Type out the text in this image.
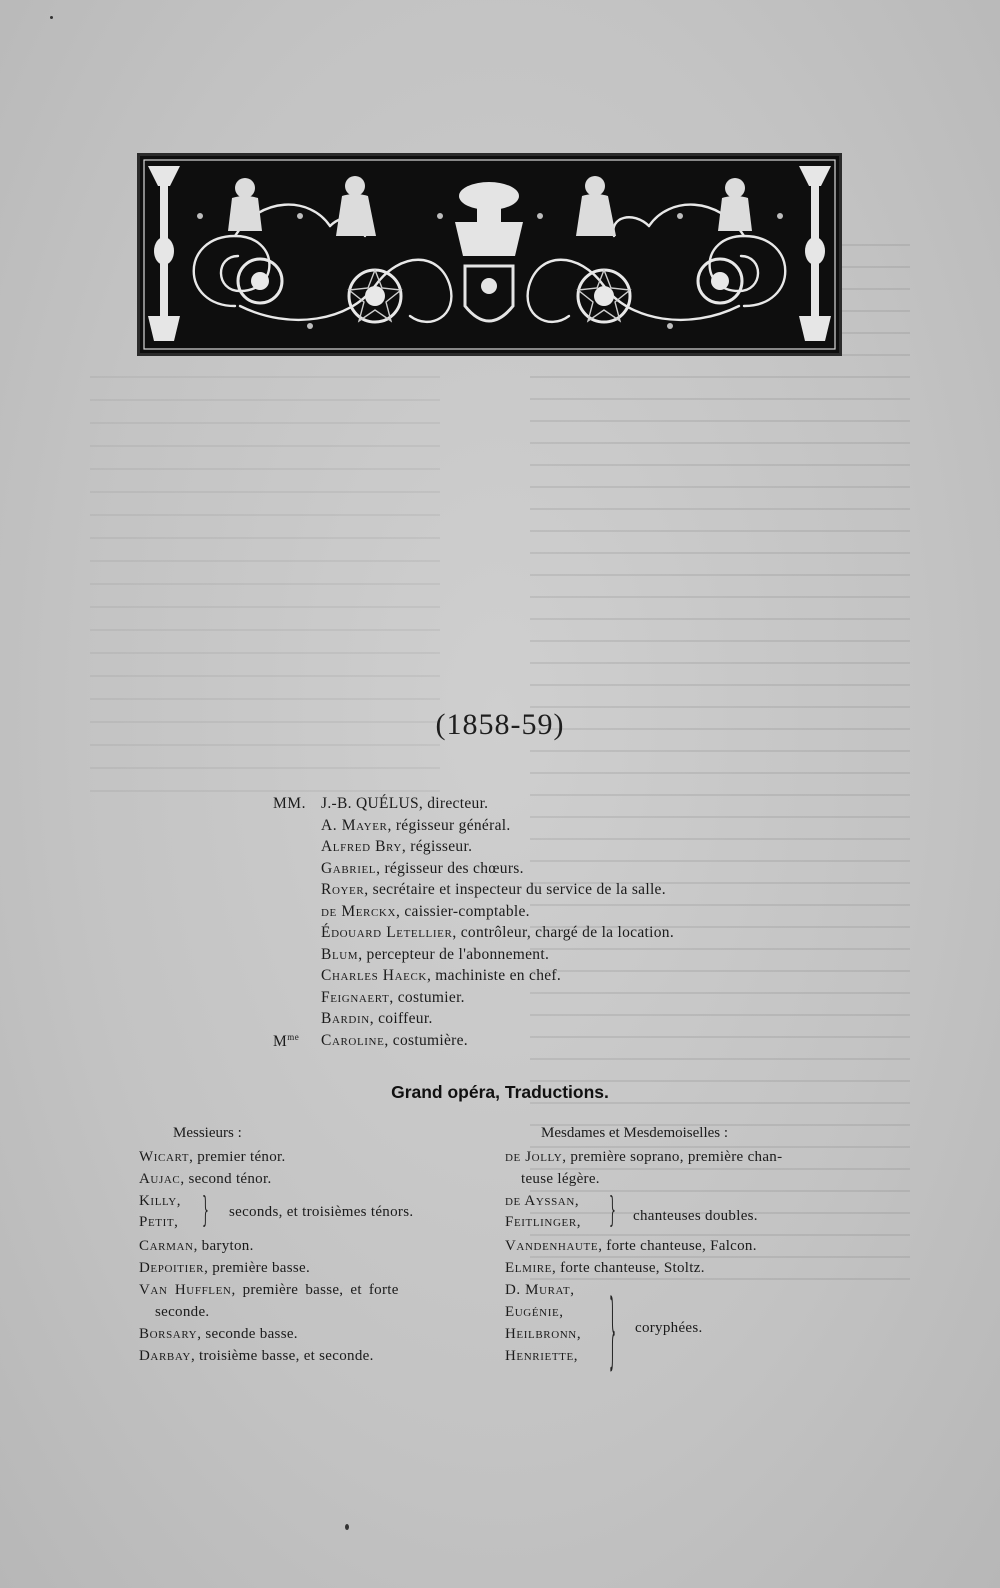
(1858-59)
MM. J.-B. QUÉLUS, directeur.
A. Mayer, régisseur général.
Alfred Bry, régisseur.
Gabriel, régisseur des chœurs.
Royer, secrétaire et inspecteur du service de la salle.
de Merckx, caissier-comptable.
Édouard Letellier, contrôleur, chargé de la location.
Blum, percepteur de l'abonnement.
Charles Haeck, machiniste en chef.
Feignaert, costumier.
Bardin, coiffeur.
$M^{me}$ Caroline, costumière.
Grand opéra, Traductions.
Messieurs :
Wicart, premier ténor.
Aujac, second ténor.
Killy,
Petit, } seconds, et troisièmes ténors.
Carman, baryton.
Depoitier, première basse.
Van Hufflen, première basse, et forte
seconde.
Borsary, seconde basse.
Darbay, troisième basse, et seconde.
Mesdames et Mesdemoiselles :
de Jolly, première soprano, première chan-
teuse légère.
de Ayssan,
Feitlinger, } chanteuses doubles.
Vandenhaute, forte chanteuse, Falcon.
Elmire, forte chanteuse, Stoltz.
D. Murat,
Eugénie,
Heilbronn,
Henriette, } coryphées.
